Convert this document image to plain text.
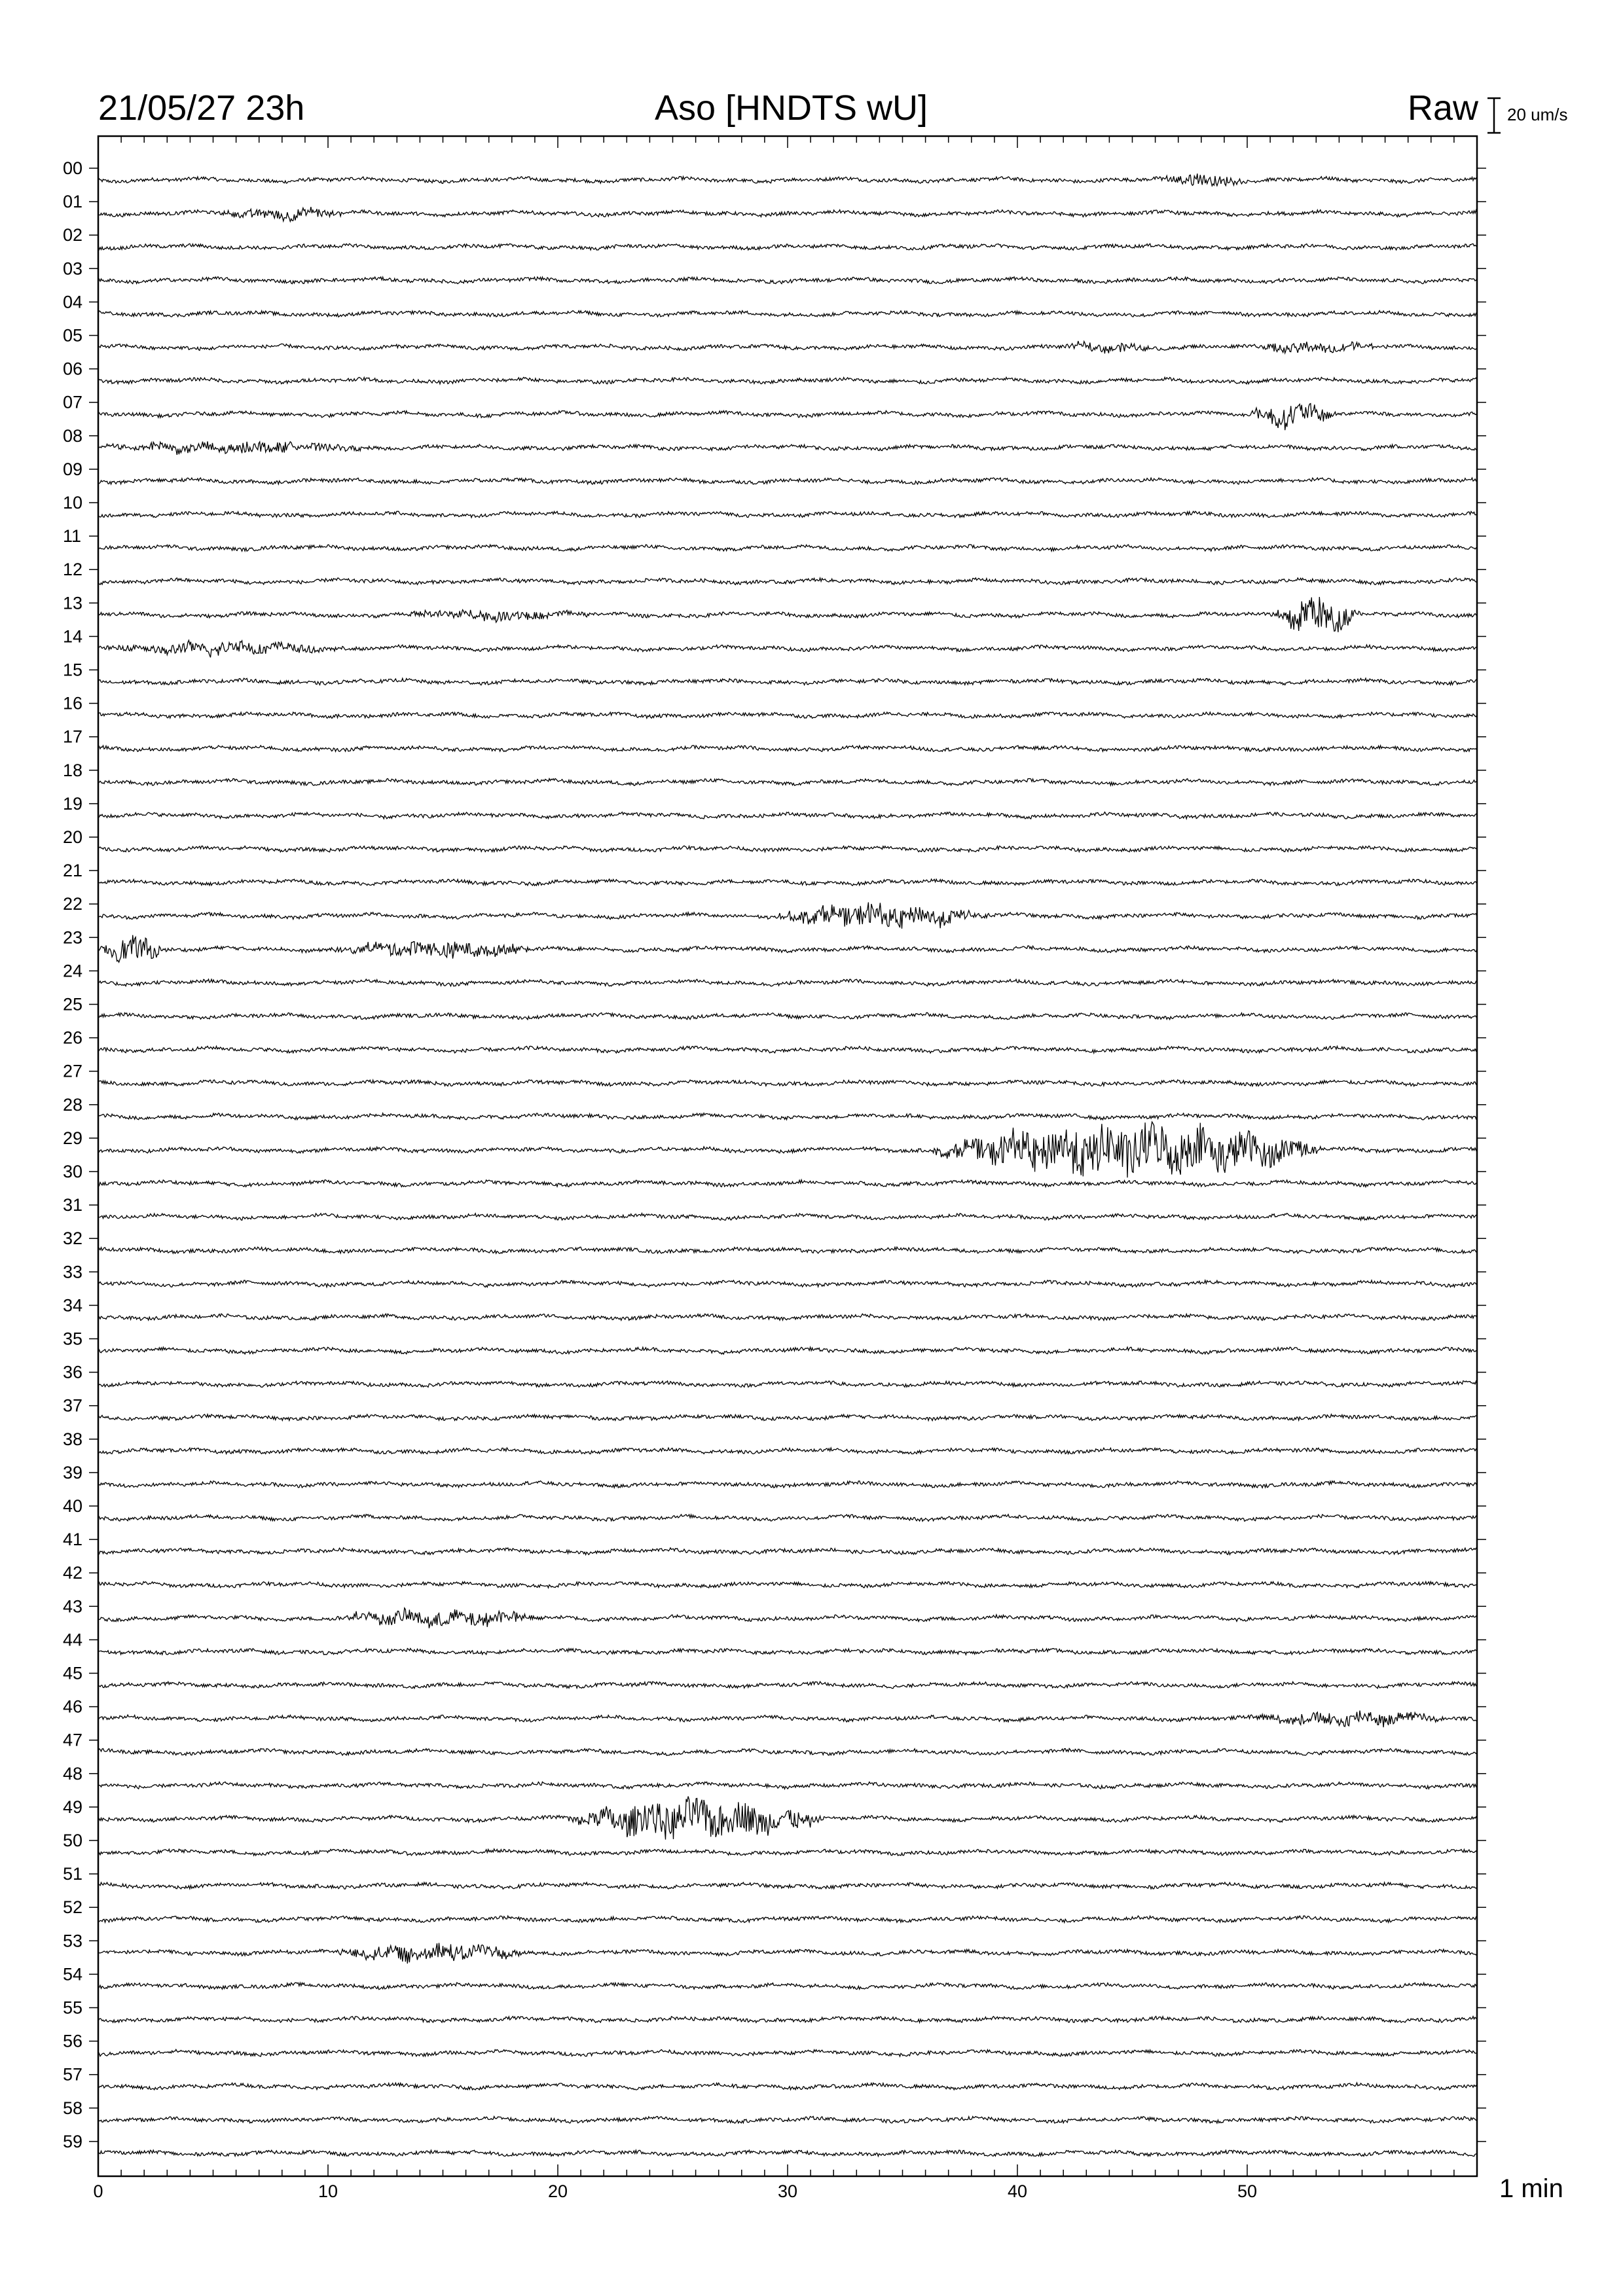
21/05/27 23h	Aso [HNDTS wU]	Raw 20 um/s
1 min
00
01
02
03
04
05
06
07
08
09
10
11
12
13
14
15
16
17
18
19
20
21
22
23
24
25
26
27
28
29
30
31
32
33
34
35
36
37
38
39
40
41
42
43
44
45
46
47
48
49
50
51
52
53
54
55
56
57
58
59
0	10	20	30	40	50
